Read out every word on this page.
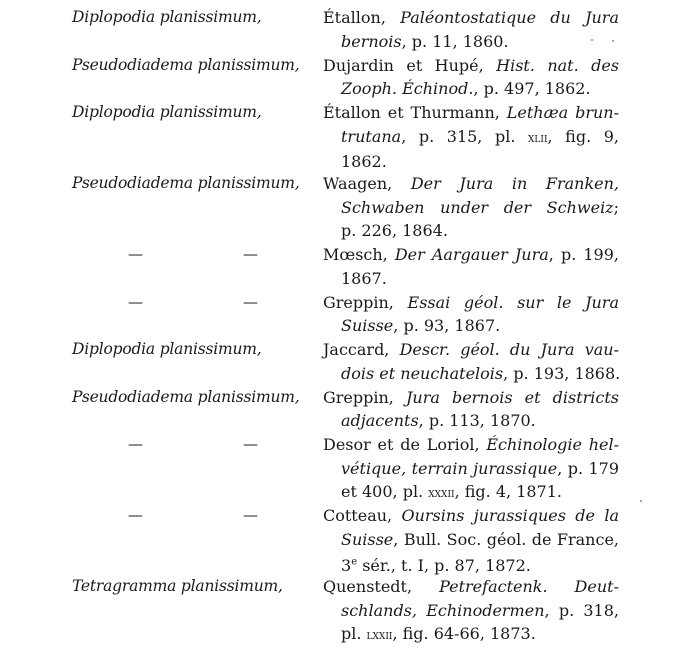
Diplopodia planissimum,	Étallon, Paléontostatique du Jura
bernois, p. 11, 1860.
Pseudodiadema planissimum, Dujardin et Hupé, Hist. nat. des
Zooph. Échinod., p. 497, 1862.
Diplopodia planissimum,	Étallon et Thurmann, Lethæa brun-
trutana, p. 315, pl. xlii, fig. 9,
1862.
Pseudodiadema planissimum, Waagen, Der Jura in Franken,
Schwaben under der Schweiz;
p. 226, 1864.
—	—	Mœsch, Der Aargauer Jura, p. 199,
1867.
—	—	Greppin, Essai géol. sur le Jura
Suisse, p. 93, 1867.
Diplopodia planissimum,	Jaccard, Descr. géol. du Jura vau-
dois et neuchatelois, p. 193, 1868.
Pseudodiadema planissimum, Greppin, Jura bernois et districts
adjacents, p. 113, 1870.
—	—	Desor et de Loriol, Échinologie hel-
vétique, terrain jurassique, p. 179
et 400, pl. xxxii, fig. 4, 1871.
—	—	Cotteau, Oursins jurassiques de la
Suisse, Bull. Soc. géol. de France,
3e sér., t. I, p. 87, 1872.
Tetragramma planissimum,	Quenstedt, Petrefactenk. Deut-
schlands, Echinodermen, p. 318,
pl. lxxii, fig. 64-66, 1873.
